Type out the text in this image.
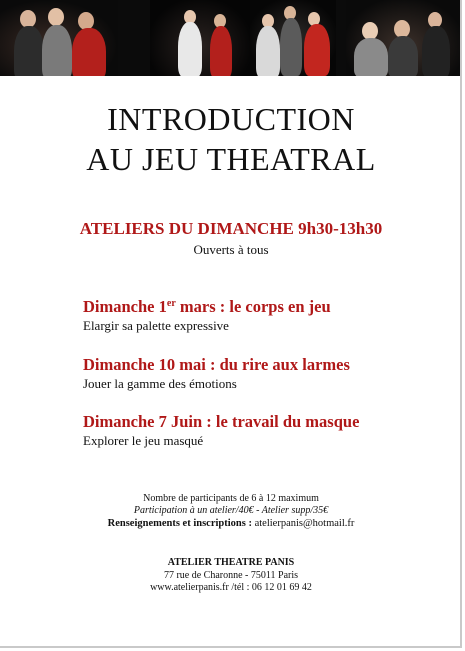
INTRODUCTION
AU JEU THEATRAL
ATELIERS DU DIMANCHE 9h30-13h30
Ouverts à tous
Dimanche 1er mars : le corps en jeu
Elargir sa palette expressive
Dimanche 10 mai : du rire aux larmes
Jouer la gamme des émotions
Dimanche 7 Juin : le travail du masque
Explorer le jeu masqué
Nombre de participants de 6 à 12 maximum
Participation à un atelier/40€ - Atelier supp/35€
Renseignements et inscriptions : atelierpanis@hotmail.fr
ATELIER THEATRE PANIS
77 rue de Charonne - 75011 Paris
www.atelierpanis.fr /tél : 06 12 01 69 42
